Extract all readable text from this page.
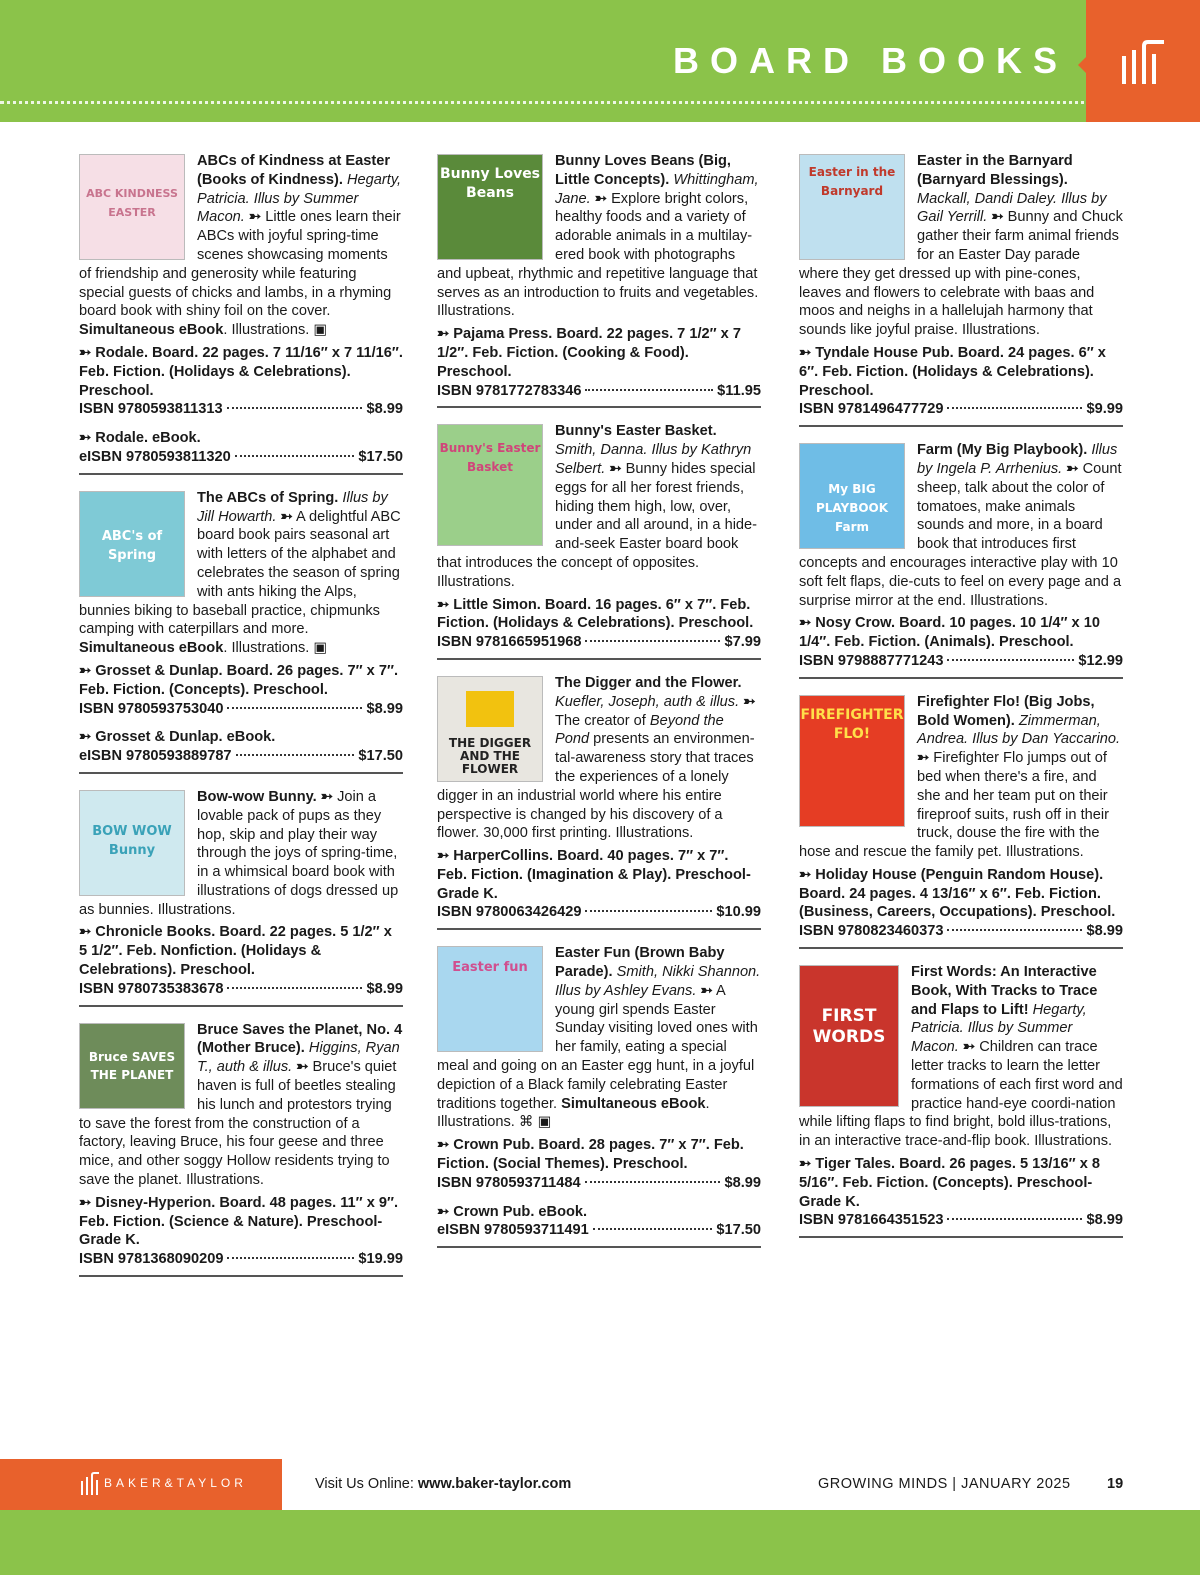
BOARD BOOKS
ABC KINDNESS EASTER

ABCs of Kindness at Easter (Books of Kindness). Hegarty, Patricia. Illus by Summer Macon. ➳ Little ones learn their ABCs with joyful spring-time scenes showcasing moments of friendship and generosity while featuring special guests of chicks and lambs, in a rhyming board book with shiny foil on the cover. Simultaneous eBook. Illustrations. ▣

➳ Rodale. Board. 22 pages. 7 11/16″ x 7 11/16″. Feb. Fiction. (Holidays & Celebrations). Preschool.
ISBN 9780593811313	$8.99
➳ Rodale. eBook.
eISBN 9780593811320	$17.50
ABC's of Spring

The ABCs of Spring. Illus by Jill Howarth. ➳ A delightful ABC board book pairs seasonal art with letters of the alphabet and celebrates the season of spring with ants hiking the Alps, bunnies biking to baseball practice, chipmunks camping with caterpillars and more. Simultaneous eBook. Illustrations. ▣

➳ Grosset & Dunlap. Board. 26 pages. 7″ x 7″. Feb. Fiction. (Concepts). Preschool.
ISBN 9780593753040	$8.99
➳ Grosset & Dunlap. eBook.
eISBN 9780593889787	$17.50
BOW WOW Bunny

Bow-wow Bunny. ➳ Join a lovable pack of pups as they hop, skip and play their way through the joys of spring-time, in a whimsical board book with illustrations of dogs dressed up as bunnies. Illustrations.

➳ Chronicle Books. Board. 22 pages. 5 1/2″ x 5 1/2″. Feb. Nonfiction. (Holidays & Celebrations). Preschool.
ISBN 9780735383678	$8.99
Bruce SAVES THE PLANET

Bruce Saves the Planet, No. 4 (Mother Bruce). Higgins, Ryan T., auth & illus. ➳ Bruce's quiet haven is full of beetles stealing his lunch and protestors trying to save the forest from the construction of a factory, leaving Bruce, his four geese and three mice, and other soggy Hollow residents trying to save the planet. Illustrations.

➳ Disney-Hyperion. Board. 48 pages. 11″ x 9″. Feb. Fiction. (Science & Nature). Preschool-Grade K.
ISBN 9781368090209	$19.99
Bunny Loves Beans

Bunny Loves Beans (Big, Little Concepts). Whittingham, Jane. ➳ Explore bright colors, healthy foods and a variety of adorable animals in a multilay-ered book with photographs and upbeat, rhythmic and repetitive language that serves as an introduction to fruits and vegetables. Illustrations.

➳ Pajama Press. Board. 22 pages. 7 1/2″ x 7 1/2″. Feb. Fiction. (Cooking & Food). Preschool.
ISBN 9781772783346	$11.95
Bunny's Easter Basket

Bunny's Easter Basket. Smith, Danna. Illus by Kathryn Selbert. ➳ Bunny hides special eggs for all her forest friends, hiding them high, low, over, under and all around, in a hide-and-seek Easter board book that introduces the concept of opposites. Illustrations.

➳ Little Simon. Board. 16 pages. 6″ x 7″. Feb. Fiction. (Holidays & Celebrations). Preschool.
ISBN 9781665951968	$7.99
THE DIGGER AND THE FLOWER

The Digger and the Flower. Kuefler, Joseph, auth & illus. ➳ The creator of Beyond the Pond presents an environmen-tal-awareness story that traces the experiences of a lonely digger in an industrial world where his entire perspective is changed by his discovery of a flower. 30,000 first printing. Illustrations.

➳ HarperCollins. Board. 40 pages. 7″ x 7″. Feb. Fiction. (Imagination & Play). Preschool-Grade K.
ISBN 9780063426429	$10.99
Easter fun

Easter Fun (Brown Baby Parade). Smith, Nikki Shannon. Illus by Ashley Evans. ➳ A young girl spends Easter Sunday visiting loved ones with her family, eating a special meal and going on an Easter egg hunt, in a joyful depiction of a Black family celebrating Easter traditions together. Simultaneous eBook. Illustrations. ⌘ ▣

➳ Crown Pub. Board. 28 pages. 7″ x 7″. Feb. Fiction. (Social Themes). Preschool.
ISBN 9780593711484	$8.99
➳ Crown Pub. eBook.
eISBN 9780593711491	$17.50
Easter in the Barnyard

Easter in the Barnyard (Barnyard Blessings). Mackall, Dandi Daley. Illus by Gail Yerrill. ➳ Bunny and Chuck gather their farm animal friends for an Easter Day parade where they get dressed up with pine-cones, leaves and flowers to celebrate with baas and moos and neighs in a hallelujah harmony that sounds like joyful praise. Illustrations.

➳ Tyndale House Pub. Board. 24 pages. 6″ x 6″. Feb. Fiction. (Holidays & Celebrations). Preschool.
ISBN 9781496477729	$9.99
My BIG PLAYBOOK Farm

Farm (My Big Playbook). Illus by Ingela P. Arrhenius. ➳ Count sheep, talk about the color of tomatoes, make animals sounds and more, in a board book that introduces first concepts and encourages interactive play with 10 soft felt flaps, die-cuts to feel on every page and a surprise mirror at the end. Illustrations.

➳ Nosy Crow. Board. 10 pages. 10 1/4″ x 10 1/4″. Feb. Fiction. (Animals). Preschool.
ISBN 9798887771243	$12.99
FIREFIGHTER FLO!

Firefighter Flo! (Big Jobs, Bold Women). Zimmerman, Andrea. Illus by Dan Yaccarino. ➳ Firefighter Flo jumps out of bed when there's a fire, and she and her team put on their fireproof suits, rush off in their truck, douse the fire with the hose and rescue the family pet. Illustrations.

➳ Holiday House (Penguin Random House). Board. 24 pages. 4 13/16″ x 6″. Feb. Fiction. (Business, Careers, Occupations). Preschool.
ISBN 9780823460373	$8.99
FIRST WORDS

First Words: An Interactive Book, With Tracks to Trace and Flaps to Lift! Hegarty, Patricia. Illus by Summer Macon. ➳ Children can trace letter tracks to learn the letter formations of each first word and practice hand-eye coordi-nation while lifting flaps to find bright, bold illus-trations, in an interactive trace-and-flip book. Illustrations.

➳ Tiger Tales. Board. 26 pages. 5 13/16″ x 8 5/16″. Feb. Fiction. (Concepts). Preschool-Grade K.
ISBN 9781664351523	$8.99
BAKER&TAYLOR	Visit Us Online: www.baker-taylor.com	GROWING MINDS | JANUARY 2025	19
